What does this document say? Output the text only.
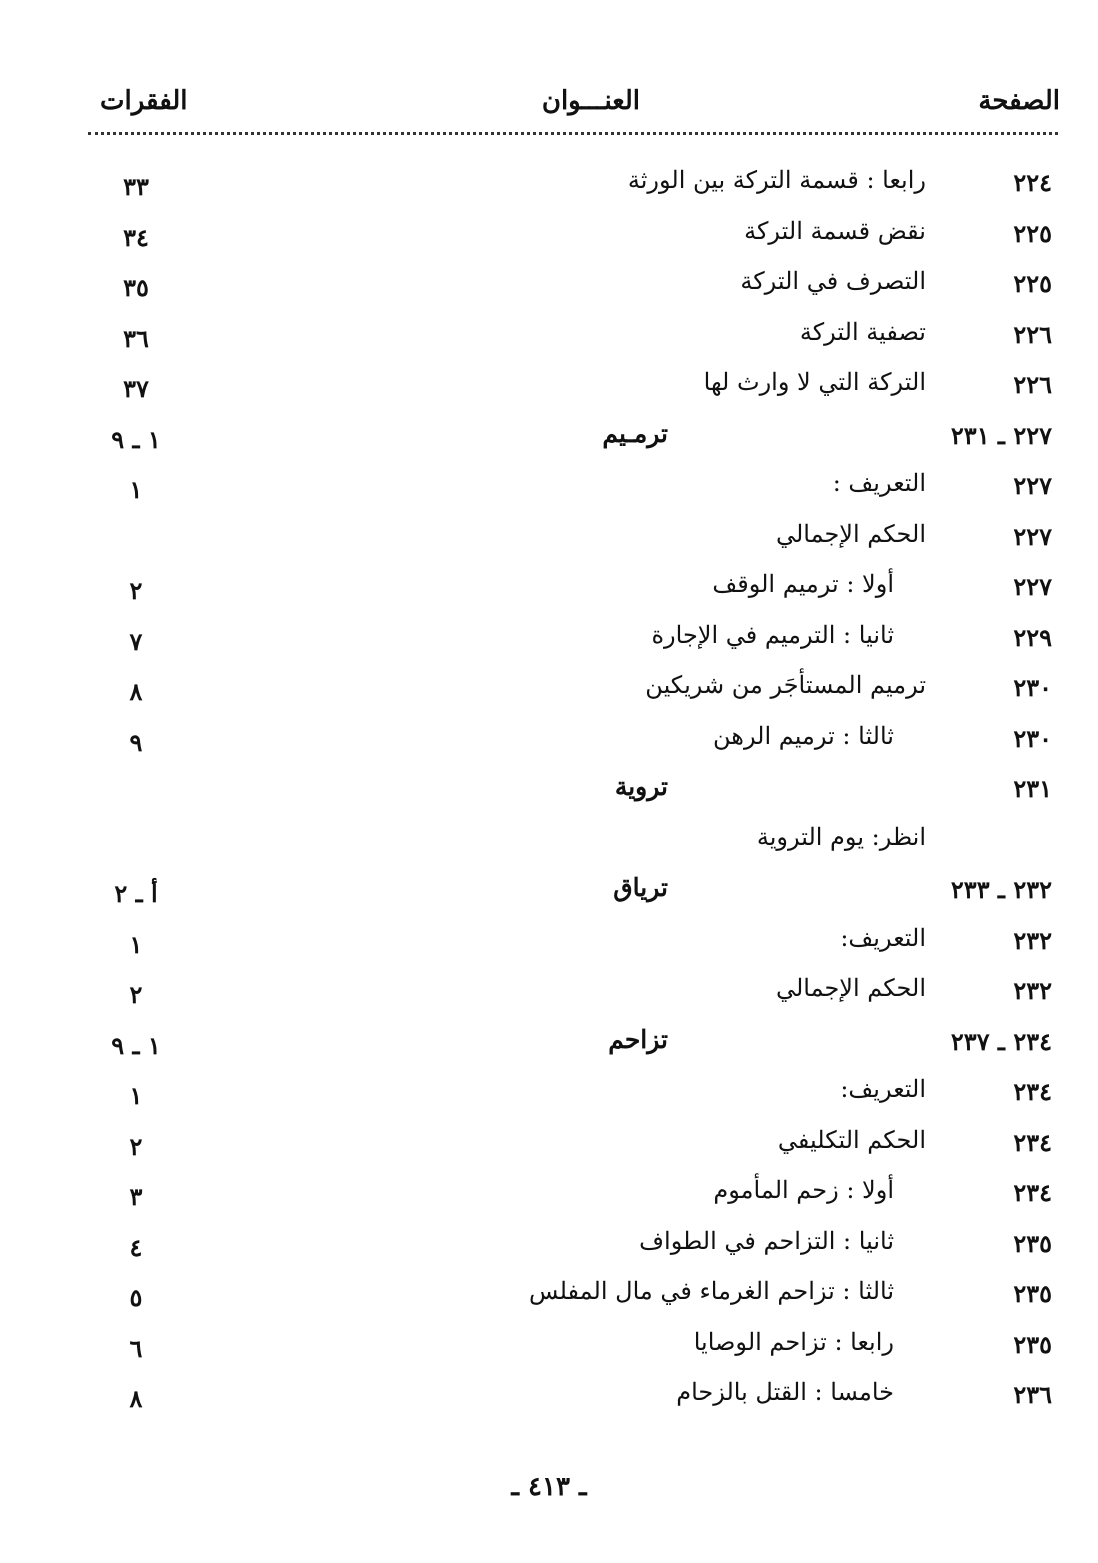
الصفحة
العنـــوان
الفقرات
٢٢٤
رابعا : قسمة التركة بين الورثة
٣٣
٢٢٥
نقض قسمة التركة
٣٤
٢٢٥
التصرف في التركة
٣٥
٢٢٦
تصفية التركة
٣٦
٢٢٦
التركة التي لا وارث لها
٣٧
٢٢٧ ـ ٢٣١
ترمـيم
١ ـ ٩
٢٢٧
التعريف :
١
٢٢٧
الحكم الإجمالي
٢٢٧
أولا : ترميم الوقف
٢
٢٢٩
ثانيا : الترميم في الإجارة
٧
٢٣٠
ترميم المستأجَر من شريكين
٨
٢٣٠
ثالثا : ترميم الرهن
٩
٢٣١
تروية
انظر: يوم التروية
٢٣٢ ـ ٢٣٣
ترياق
أ ـ ٢
٢٣٢
التعريف:
١
٢٣٢
الحكم الإجمالي
٢
٢٣٤ ـ ٢٣٧
تزاحم
١ ـ ٩
٢٣٤
التعريف:
١
٢٣٤
الحكم التكليفي
٢
٢٣٤
أولا : زحم المأموم
٣
٢٣٥
ثانيا : التزاحم في الطواف
٤
٢٣٥
ثالثا : تزاحم الغرماء في مال المفلس
٥
٢٣٥
رابعا : تزاحم الوصايا
٦
٢٣٦
خامسا : القتل بالزحام
٨
ـ ٤١٣ ـ
